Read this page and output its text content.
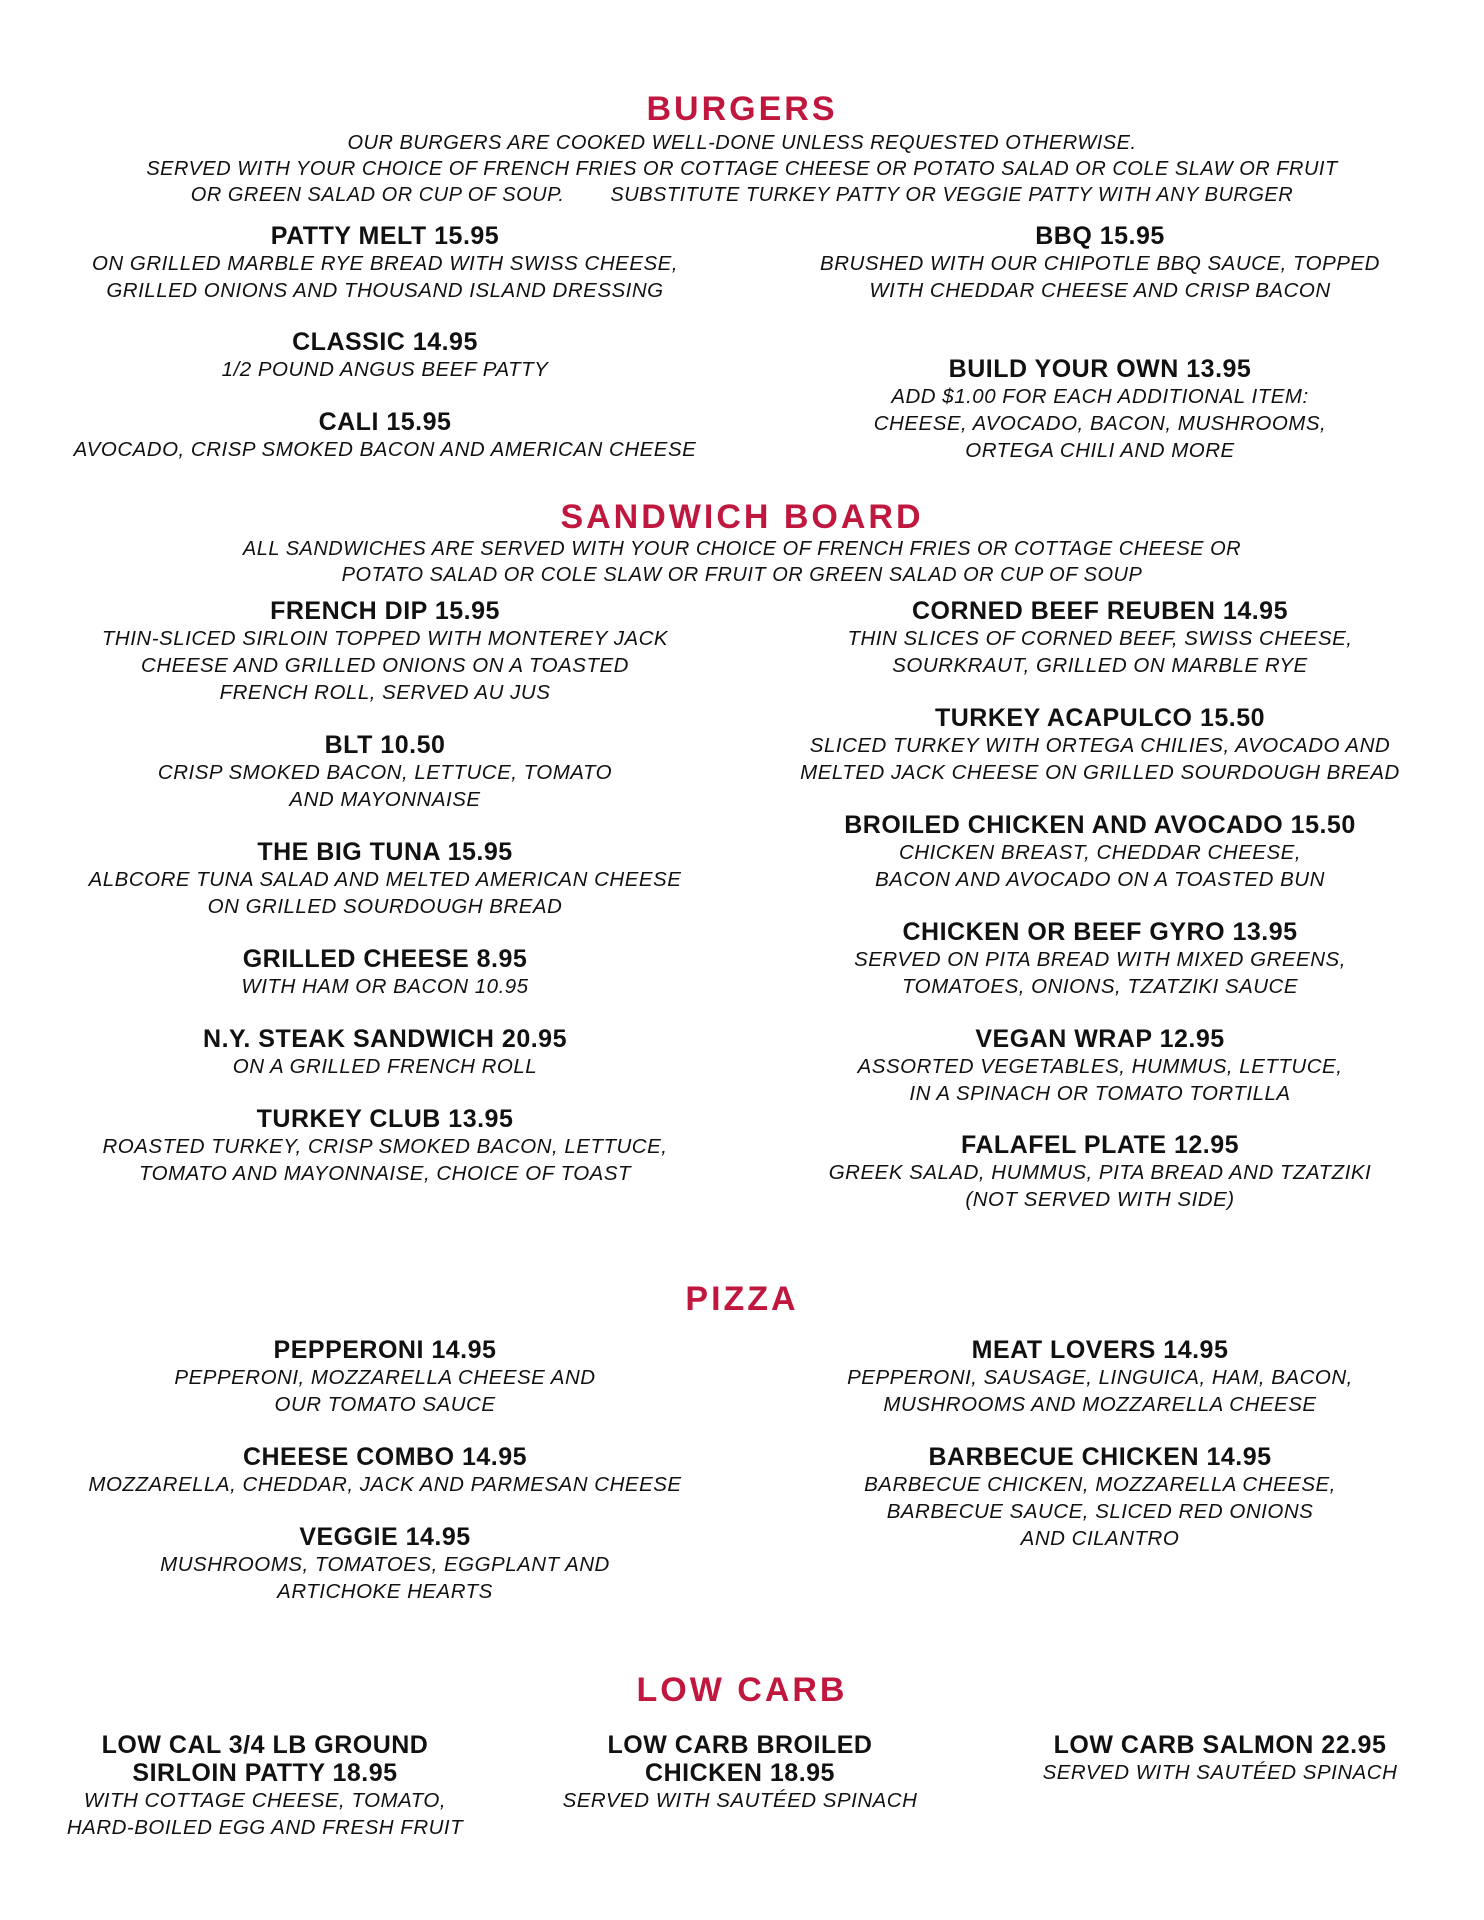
BURGERS

OUR BURGERS ARE COOKED WELL-DONE UNLESS REQUESTED OTHERWISE.

SERVED WITH YOUR CHOICE OF FRENCH FRIES OR COTTAGE CHEESE OR POTATO SALAD OR COLE SLAW OR FRUIT

OR GREEN SALAD OR CUP OF SOUP. SUBSTITUTE TURKEY PATTY OR VEGGIE PATTY WITH ANY BURGER

PATTY MELT 15.95
ON GRILLED MARBLE RYE BREAD WITH SWISS CHEESE,
GRILLED ONIONS AND THOUSAND ISLAND DRESSING
CLASSIC 14.95
1/2 POUND ANGUS BEEF PATTY
CALI 15.95
AVOCADO, CRISP SMOKED BACON AND AMERICAN CHEESE
BBQ 15.95
BRUSHED WITH OUR CHIPOTLE BBQ SAUCE, TOPPED
WITH CHEDDAR CHEESE AND CRISP BACON
BUILD YOUR OWN 13.95
ADD $1.00 FOR EACH ADDITIONAL ITEM:
CHEESE, AVOCADO, BACON, MUSHROOMS,
ORTEGA CHILI AND MORE
SANDWICH BOARD

ALL SANDWICHES ARE SERVED WITH YOUR CHOICE OF FRENCH FRIES OR COTTAGE CHEESE OR

POTATO SALAD OR COLE SLAW OR FRUIT OR GREEN SALAD OR CUP OF SOUP

FRENCH DIP 15.95
THIN-SLICED SIRLOIN TOPPED WITH MONTEREY JACK
CHEESE AND GRILLED ONIONS ON A TOASTED
FRENCH ROLL, SERVED AU JUS
BLT 10.50
CRISP SMOKED BACON, LETTUCE, TOMATO
AND MAYONNAISE
THE BIG TUNA 15.95
ALBCORE TUNA SALAD AND MELTED AMERICAN CHEESE
ON GRILLED SOURDOUGH BREAD
GRILLED CHEESE 8.95
WITH HAM OR BACON 10.95
N.Y. STEAK SANDWICH 20.95
ON A GRILLED FRENCH ROLL
TURKEY CLUB 13.95
ROASTED TURKEY, CRISP SMOKED BACON, LETTUCE,
TOMATO AND MAYONNAISE, CHOICE OF TOAST
CORNED BEEF REUBEN 14.95
THIN SLICES OF CORNED BEEF, SWISS CHEESE,
SOURKRAUT, GRILLED ON MARBLE RYE
TURKEY ACAPULCO 15.50
SLICED TURKEY WITH ORTEGA CHILIES, AVOCADO AND
MELTED JACK CHEESE ON GRILLED SOURDOUGH BREAD
BROILED CHICKEN AND AVOCADO 15.50
CHICKEN BREAST, CHEDDAR CHEESE,
BACON AND AVOCADO ON A TOASTED BUN
CHICKEN OR BEEF GYRO 13.95
SERVED ON PITA BREAD WITH MIXED GREENS,
TOMATOES, ONIONS, TZATZIKI SAUCE
VEGAN WRAP 12.95
ASSORTED VEGETABLES, HUMMUS, LETTUCE,
IN A SPINACH OR TOMATO TORTILLA
FALAFEL PLATE 12.95
GREEK SALAD, HUMMUS, PITA BREAD AND TZATZIKI
(NOT SERVED WITH SIDE)
PIZZA
PEPPERONI 14.95
PEPPERONI, MOZZARELLA CHEESE AND
OUR TOMATO SAUCE
CHEESE COMBO 14.95
MOZZARELLA, CHEDDAR, JACK AND PARMESAN CHEESE
VEGGIE 14.95
MUSHROOMS, TOMATOES, EGGPLANT AND
ARTICHOKE HEARTS
MEAT LOVERS 14.95
PEPPERONI, SAUSAGE, LINGUICA, HAM, BACON,
MUSHROOMS AND MOZZARELLA CHEESE
BARBECUE CHICKEN 14.95
BARBECUE CHICKEN, MOZZARELLA CHEESE,
BARBECUE SAUCE, SLICED RED ONIONS
AND CILANTRO
LOW CARB
LOW CAL 3/4 LB GROUND
SIRLOIN PATTY 18.95
WITH COTTAGE CHEESE, TOMATO,
HARD-BOILED EGG AND FRESH FRUIT
LOW CARB BROILED
CHICKEN 18.95
SERVED WITH SAUTÉED SPINACH
LOW CARB SALMON 22.95
SERVED WITH SAUTÉED SPINACH
